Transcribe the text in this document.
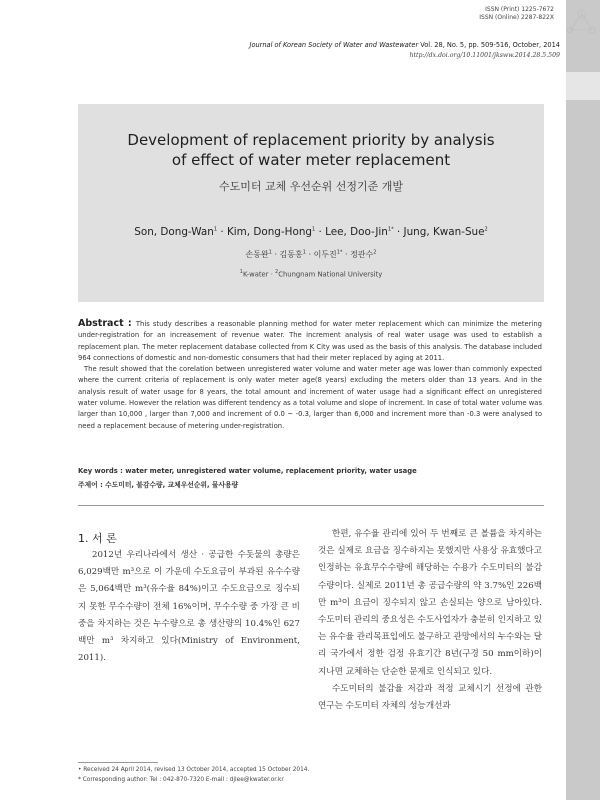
ISSN (Print) 1225-7672
ISSN (Online) 2287-822X
Journal of Korean Society of Water and Wastewater Vol. 28, No. 5, pp. 509-516, October, 2014
http://dx.doi.org/10.11001/jksww.2014.28.5.509
Development of replacement priority by analysis
of effect of water meter replacement
수도미터 교체 우선순위 선정기준 개발
Son, Dong-Wan$^1$ · Kim, Dong-Hong$^1$ · Lee, Doo-Jin$^{1*}$ · Jung, Kwan-Sue$^2$
손동완$^1$ · 김동홍$^1$ · 이두진$^{1*}$ · 정관수$^2$
$^1$K-water · $^2$Chungnam National University

Abstract : This study describes a reasonable planning method for water meter replacement which can minimize the metering under-registration for an increasement of revenue water. The increment analysis of real water usage was used to establish a replacement plan. The meter replacement database collected from K City was used as the basis of this analysis. The database included 964 connections of domestic and non-domestic consumers that had their meter replaced by aging at 2011.

The result showed that the corelation between unregistered water volume and water meter age was lower than commonly expected where the current criteria of replacement is only water meter age(8 years) excluding the meters older than 13 years. And in the analysis result of water usage for 8 years, the total amount and increment of water usage had a significant effect on unregistered water volume. However the relation was different tendency as a total volume and slope of increment. In case of total water volume was larger than 10,000 , larger than 7,000 and increment of 0.0 ~ -0.3, larger than 6,000 and increment more than -0.3 were analysed to need a replacement because of metering under-registration.

Key words : water meter, unregistered water volume, replacement priority, water usage
주제어 : 수도미터, 불감수량, 교체우선순위, 물사용량
1. 서 론

2012년 우리나라에서 생산 · 공급한 수돗물의 총량은 6,029백만 m³으로 이 가운데 수도요금이 부과된 유수수량은 5,064백만 m³(유수율 84%)이고 수도요금으로 징수되지 못한 무수수량이 전체 16%이며, 무수수량 중 가장 큰 비중을 차지하는 것은 누수량으로 총 생산량의 10.4%인 627백만 m³ 차지하고 있다(Ministry of Environment, 2011).

한편, 유수율 관리에 있어 두 번째로 큰 볼륨을 차지하는 것은 실제로 요금을 징수하지는 못했지만 사용상 유효했다고 인정하는 유효무수수량에 해당하는 수용가 수도미터의 불감수량이다. 실제로 2011년 총 공급수량의 약 3.7%인 226백만 m³이 요금이 징수되지 않고 손실되는 양으로 남아있다. 수도미터 관리의 중요성은 수도사업자가 충분히 인지하고 있는 유수율 관리목표입에도 불구하고 관망에서의 누수와는 달리 국가에서 정한 검정 유효기간 8년(구경 50 mm이하)이 지나면 교체하는 단순한 문제로 인식되고 있다.

수도미터의 불감율 저감과 적정 교체시기 선정에 관한 연구는 수도미터 자체의 성능개선과

• Received 24 April 2014, revised 13 October 2014, accepted 15 October 2014.
* Corresponding author: Tel : 042-870-7320 E-mail : djlee@kwater.or.kr
